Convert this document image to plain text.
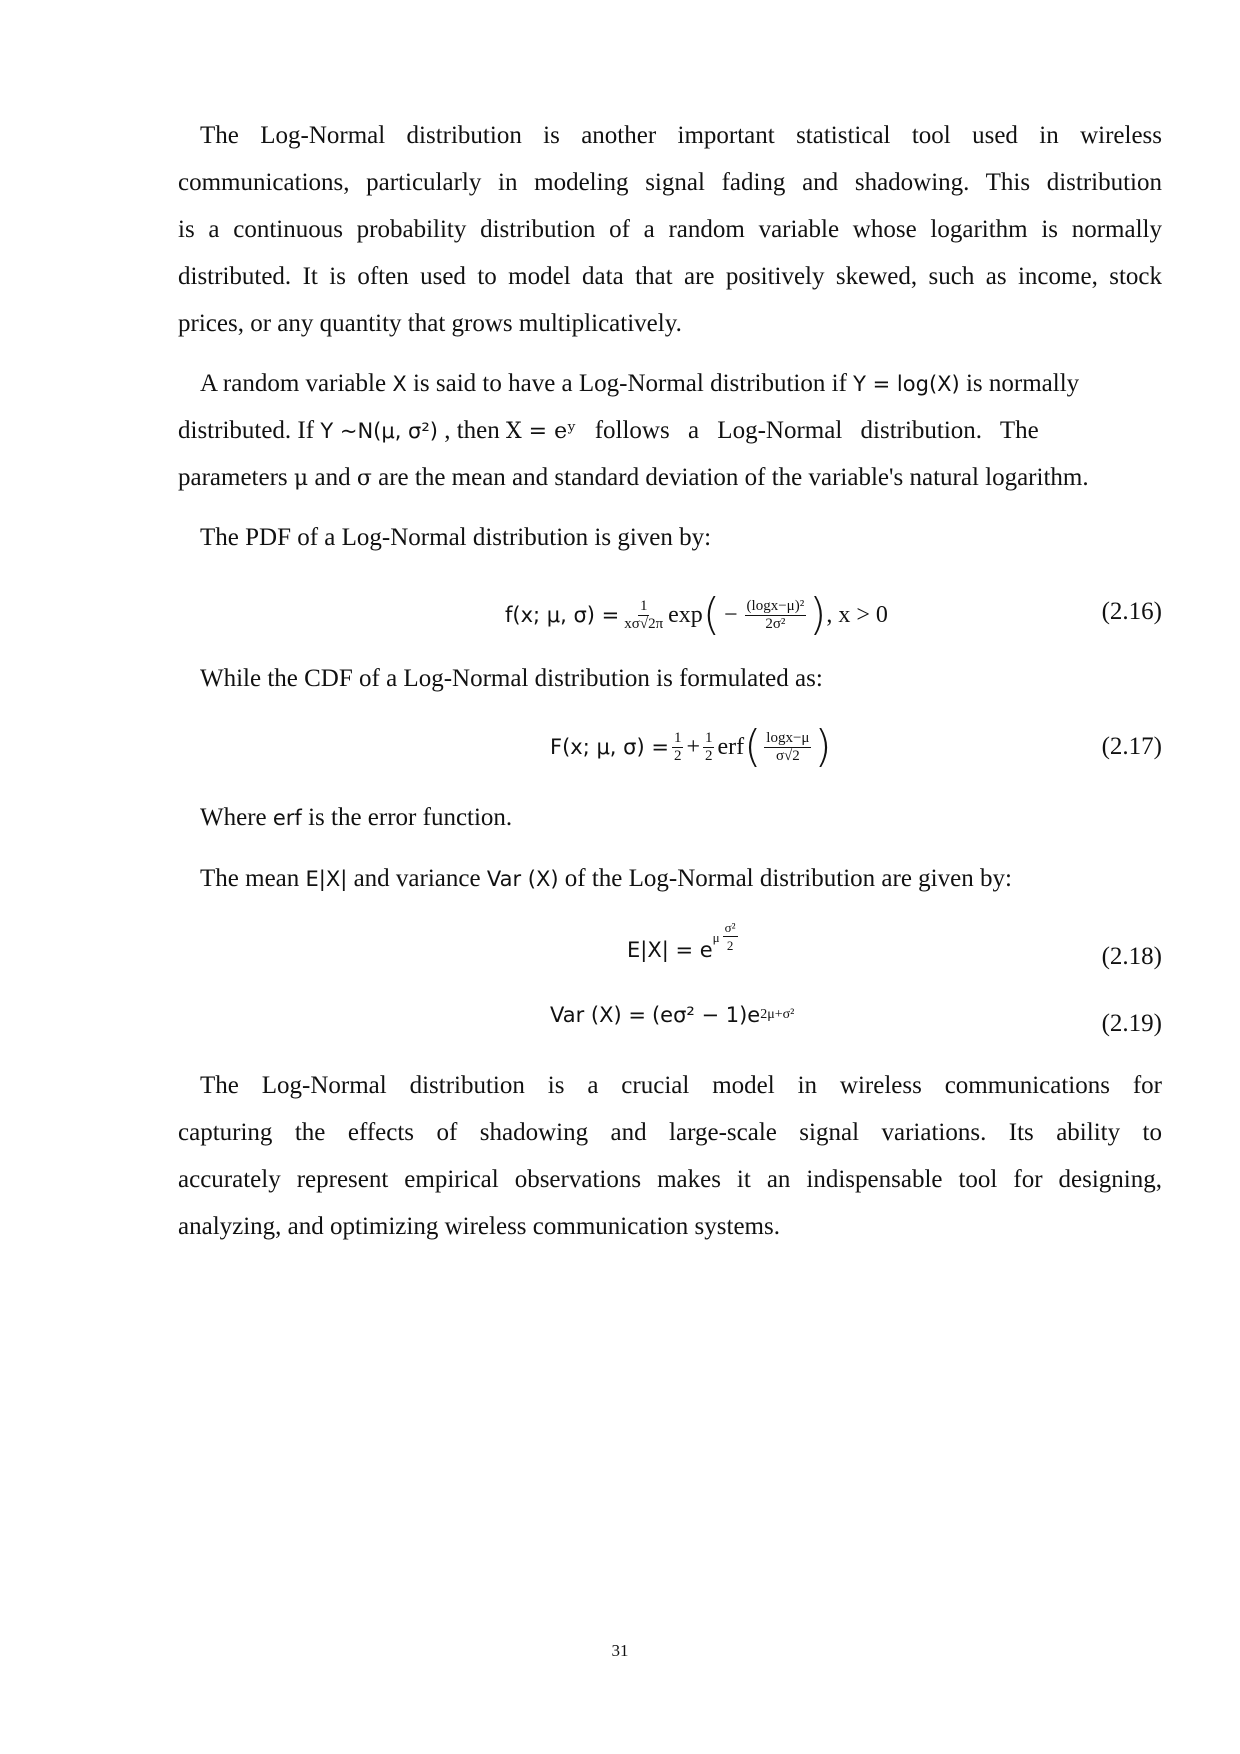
The Log-Normal distribution is another important statistical tool used in wireless
communications, particularly in modeling signal fading and shadowing. This distribution
is a continuous probability distribution of a random variable whose logarithm is normally
distributed. It is often used to model data that are positively skewed, such as income, stock
prices, or any quantity that grows multiplicatively.
A random variable X is said to have a Log-Normal distribution if Y = log(X) is normally
distributed. If Y ~N(μ, σ²) , then X = eʸ follows a Log-Normal distribution. The
parameters μ and σ are the mean and standard deviation of the variable's natural logarithm.
The PDF of a Log-Normal distribution is given by:
f(x; μ, $\sigma) = \frac{1}{x\sigma√2\pi}$ exp ( − $\frac{\text{(logx−μ)²}}{\text{2σ²}}$ ) , x > 0	(2.16)
While the CDF of a Log-Normal distribution is formulated as:
F(x; μ, $\sigma) = \frac{1}{2} + \frac{1}{2}$ erf ( $\frac{\log x-\mu}{\sigma√2}$ )	(2.17)
Where erf is the error function.
The mean E|X| and variance Var (X) of the Log-Normal distribution are given by:
E|X| = e
μ $\frac{\text{σ²}}{2}$
(2.18)
Var (X) = (eσ² − 1)e 2μ+σ²	(2.19)
The Log-Normal distribution is a crucial model in wireless communications for
capturing the effects of shadowing and large-scale signal variations. Its ability to
accurately represent empirical observations makes it an indispensable tool for designing,
analyzing, and optimizing wireless communication systems.
31
